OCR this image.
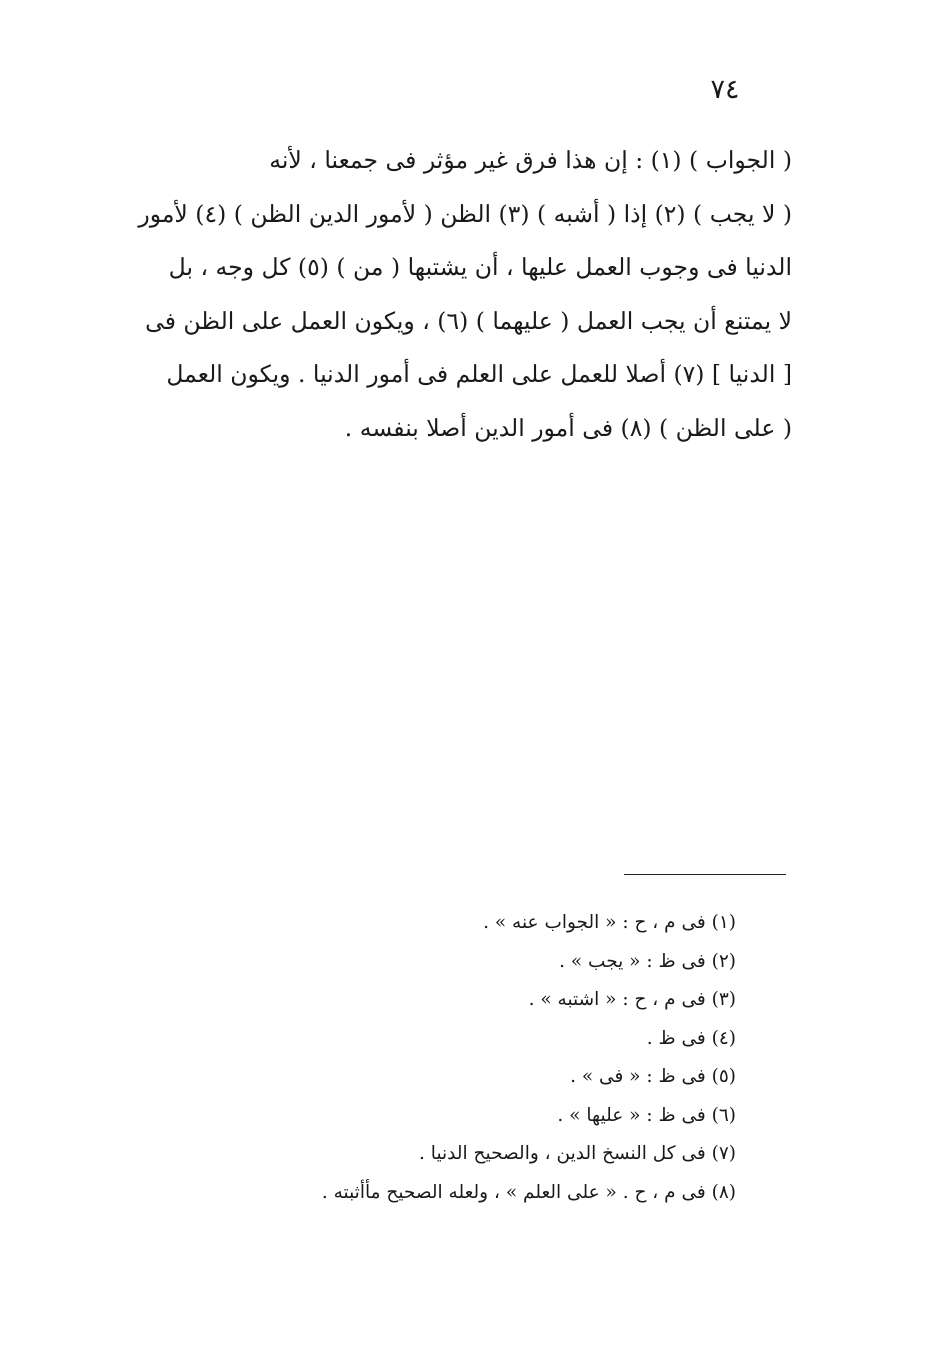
٧٤
( الجواب ) (١) : إن هذا فرق غير مؤثر فى جمعنا ، لأنه
( لا يجب ) (٢) إذا ( أشبه ) (٣) الظن ( لأمور الدين الظن ) (٤) لأمور
الدنيا فى وجوب العمل عليها ، أن يشتبها ( من ) (٥) كل وجه ، بل
لا يمتنع أن يجب العمل ( عليهما ) (٦) ، ويكون العمل على الظن فى
[ الدنيا ] (٧) أصلا للعمل على العلم فى أمور الدنيا . ويكون العمل
( على الظن ) (٨) فى أمور الدين أصلا بنفسه .
(١) فى م ، ح : « الجواب عنه » .
(٢) فى ظ : « يجب » .
(٣) فى م ، ح : « اشتبه » .
(٤) فى ظ .
(٥) فى ظ : « فى » .
(٦) فى ظ : « عليها » .
(٧) فى كل النسخ الدين ، والصحيح الدنيا .
(٨) فى م ، ح . « على العلم » ، ولعله الصحيح مأأثبته .
